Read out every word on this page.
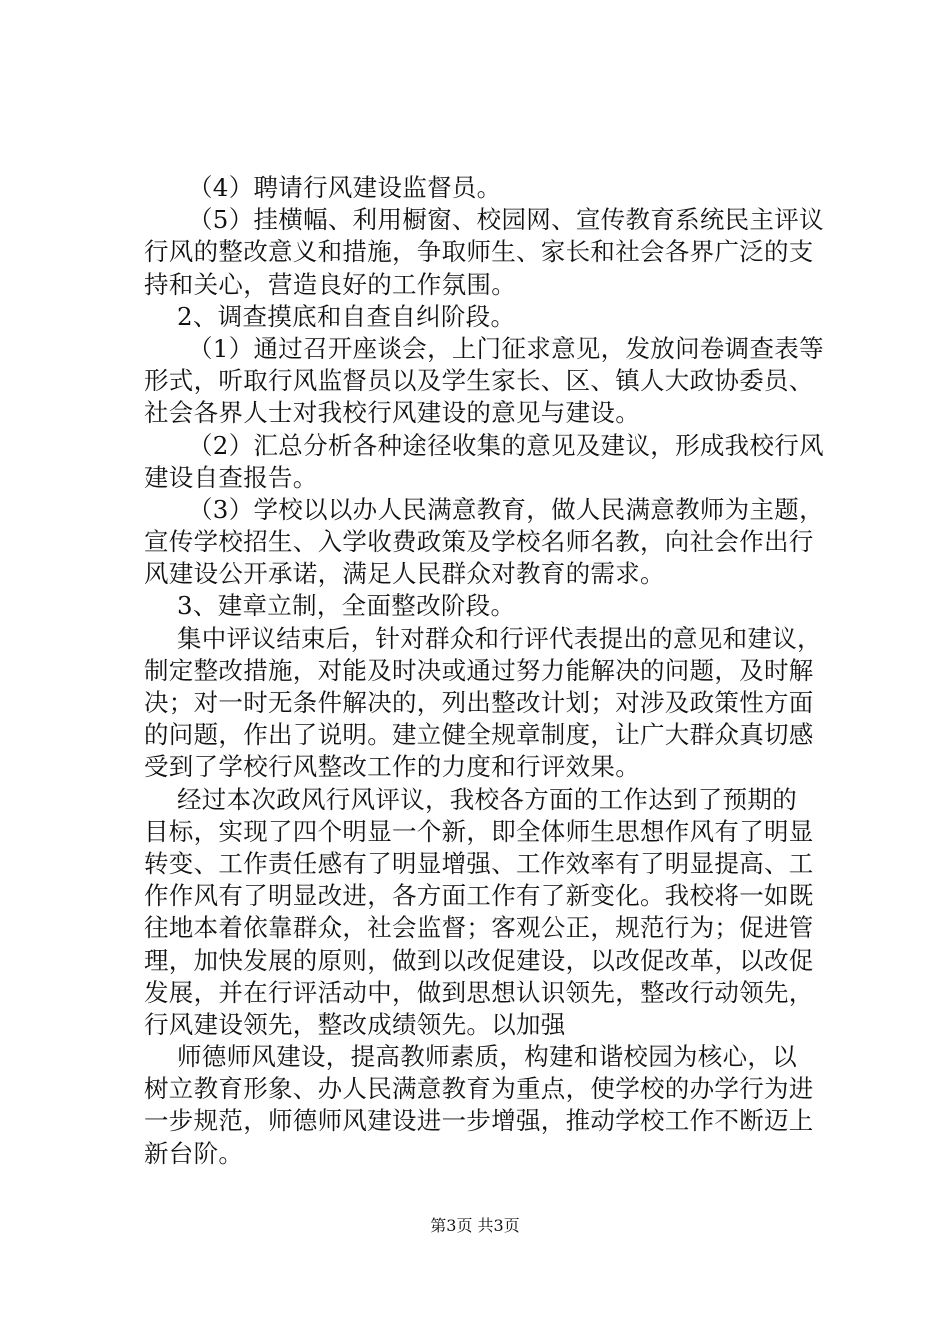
（4）聘请行风建设监督员。
（5）挂横幅、利用橱窗、校园网、宣传教育系统民主评议
行风的整改意义和措施，争取师生、家长和社会各界广泛的支
持和关心，营造良好的工作氛围。
2、调查摸底和自查自纠阶段。
（1）通过召开座谈会，上门征求意见，发放问卷调查表等
形式，听取行风监督员以及学生家长、区、镇人大政协委员、
社会各界人士对我校行风建设的意见与建设。
（2）汇总分析各种途径收集的意见及建议，形成我校行风
建设自查报告。
（3）学校以以办人民满意教育，做人民满意教师为主题，
宣传学校招生、入学收费政策及学校名师名教，向社会作出行
风建设公开承诺，满足人民群众对教育的需求。
3、建章立制，全面整改阶段。
集中评议结束后，针对群众和行评代表提出的意见和建议，
制定整改措施，对能及时决或通过努力能解决的问题，及时解
决；对一时无条件解决的，列出整改计划；对涉及政策性方面
的问题，作出了说明。建立健全规章制度，让广大群众真切感
受到了学校行风整改工作的力度和行评效果。
经过本次政风行风评议，我校各方面的工作达到了预期的
目标，实现了四个明显一个新，即全体师生思想作风有了明显
转变、工作责任感有了明显增强、工作效率有了明显提高、工
作作风有了明显改进，各方面工作有了新变化。我校将一如既
往地本着依靠群众，社会监督；客观公正，规范行为；促进管
理，加快发展的原则，做到以改促建设，以改促改革，以改促
发展，并在行评活动中，做到思想认识领先，整改行动领先，
行风建设领先，整改成绩领先。以加强
师德师风建设，提高教师素质，构建和谐校园为核心，以
树立教育形象、办人民满意教育为重点，使学校的办学行为进
一步规范，师德师风建设进一步增强，推动学校工作不断迈上
新台阶。
第3页 共3页
